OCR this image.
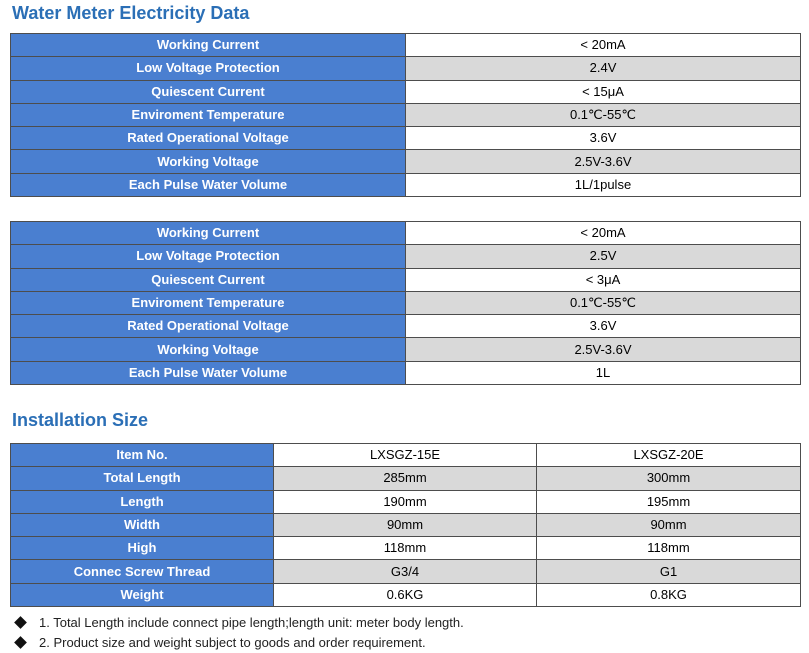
Water Meter Electricity Data
Working Current	< 20mA
Low Voltage Protection	2.4V
Quiescent Current	< 15μA
Enviroment Temperature	0.1℃-55℃
Rated Operational Voltage	3.6V
Working Voltage	2.5V-3.6V
Each Pulse Water Volume	1L/1pulse
Working Current	< 20mA
Low Voltage Protection	2.5V
Quiescent Current	< 3μA
Enviroment Temperature	0.1℃-55℃
Rated Operational Voltage	3.6V
Working Voltage	2.5V-3.6V
Each Pulse Water Volume	1L
Installation Size
Item No.	LXSGZ-15E	LXSGZ-20E
Total Length	285mm	300mm
Length	190mm	195mm
Width	90mm	90mm
High	118mm	118mm
Connec Screw Thread	G3/4	G1
Weight	0.6KG	0.8KG
1. Total Length include connect pipe length;length unit: meter body length.
2. Product size and weight subject to goods and order requirement.
